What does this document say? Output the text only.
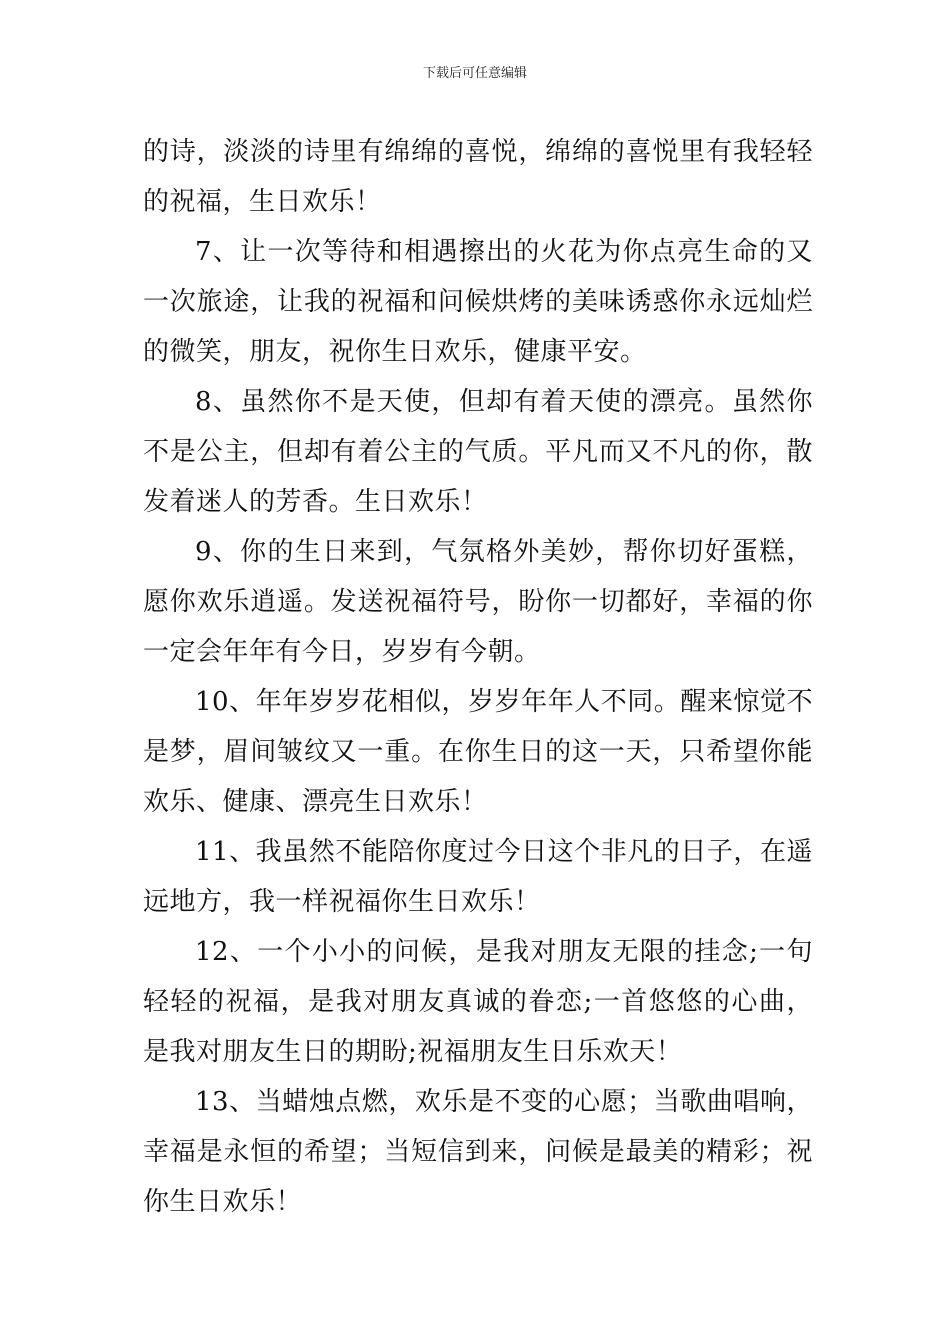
下载后可任意编辑

的诗，淡淡的诗里有绵绵的喜悦，绵绵的喜悦里有我轻轻的祝福，生日欢乐！

7、让一次等待和相遇擦出的火花为你点亮生命的又一次旅途，让我的祝福和问候烘烤的美味诱惑你永远灿烂的微笑，朋友，祝你生日欢乐，健康平安。

8、虽然你不是天使，但却有着天使的漂亮。虽然你不是公主，但却有着公主的气质。平凡而又不凡的你，散发着迷人的芳香。生日欢乐！

9、你的生日来到，气氛格外美妙，帮你切好蛋糕，愿你欢乐逍遥。发送祝福符号，盼你一切都好，幸福的你一定会年年有今日，岁岁有今朝。

10、年年岁岁花相似，岁岁年年人不同。醒来惊觉不是梦，眉间皱纹又一重。在你生日的这一天，只希望你能欢乐、健康、漂亮生日欢乐！

11、我虽然不能陪你度过今日这个非凡的日子，在遥远地方，我一样祝福你生日欢乐！

12、一个小小的问候，是我对朋友无限的挂念;一句轻轻的祝福，是我对朋友真诚的眷恋;一首悠悠的心曲，是我对朋友生日的期盼;祝福朋友生日乐欢天！

13、当蜡烛点燃，欢乐是不变的心愿；当歌曲唱响，幸福是永恒的希望；当短信到来，问候是最美的精彩；祝你生日欢乐！
